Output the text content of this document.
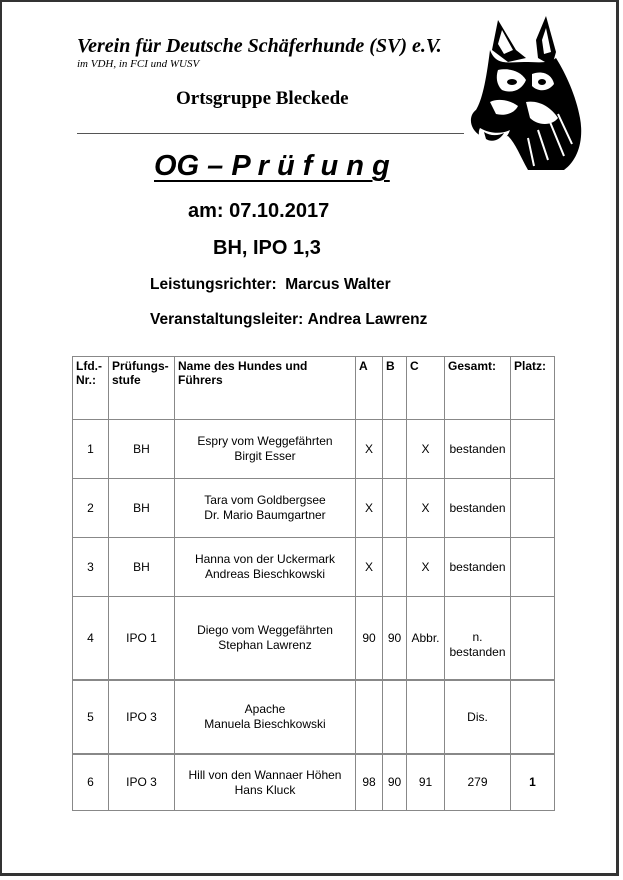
Verein für Deutsche Schäferhunde (SV) e.V.
im VDH, in FCI und WUSV
Ortsgruppe Bleckede
OG – P r ü f u n g
am: 07.10.2017
BH, IPO 1,3
Leistungsrichter: Marcus Walter
Veranstaltungsleiter: Andrea Lawrenz
Lfd.-
Nr.:	Prüfungs-
stufe	Name des Hundes und
Führers	A	B	C	Gesamt:	Platz:
1	BH	Espry vom Weggefährten
Birgit Esser	X		X	bestanden	
2	BH	Tara vom Goldbergsee
Dr. Mario Baumgartner	X		X	bestanden	
3	BH	Hanna von der Uckermark
Andreas Bieschkowski	X		X	bestanden	
4	IPO 1	Diego vom Weggefährten
Stephan Lawrenz	90	90	Abbr.	n.
bestanden	
5	IPO 3	Apache
Manuela Bieschkowski				Dis.	
6	IPO 3	Hill von den Wannaer Höhen
Hans Kluck	98	90	91	279	1
